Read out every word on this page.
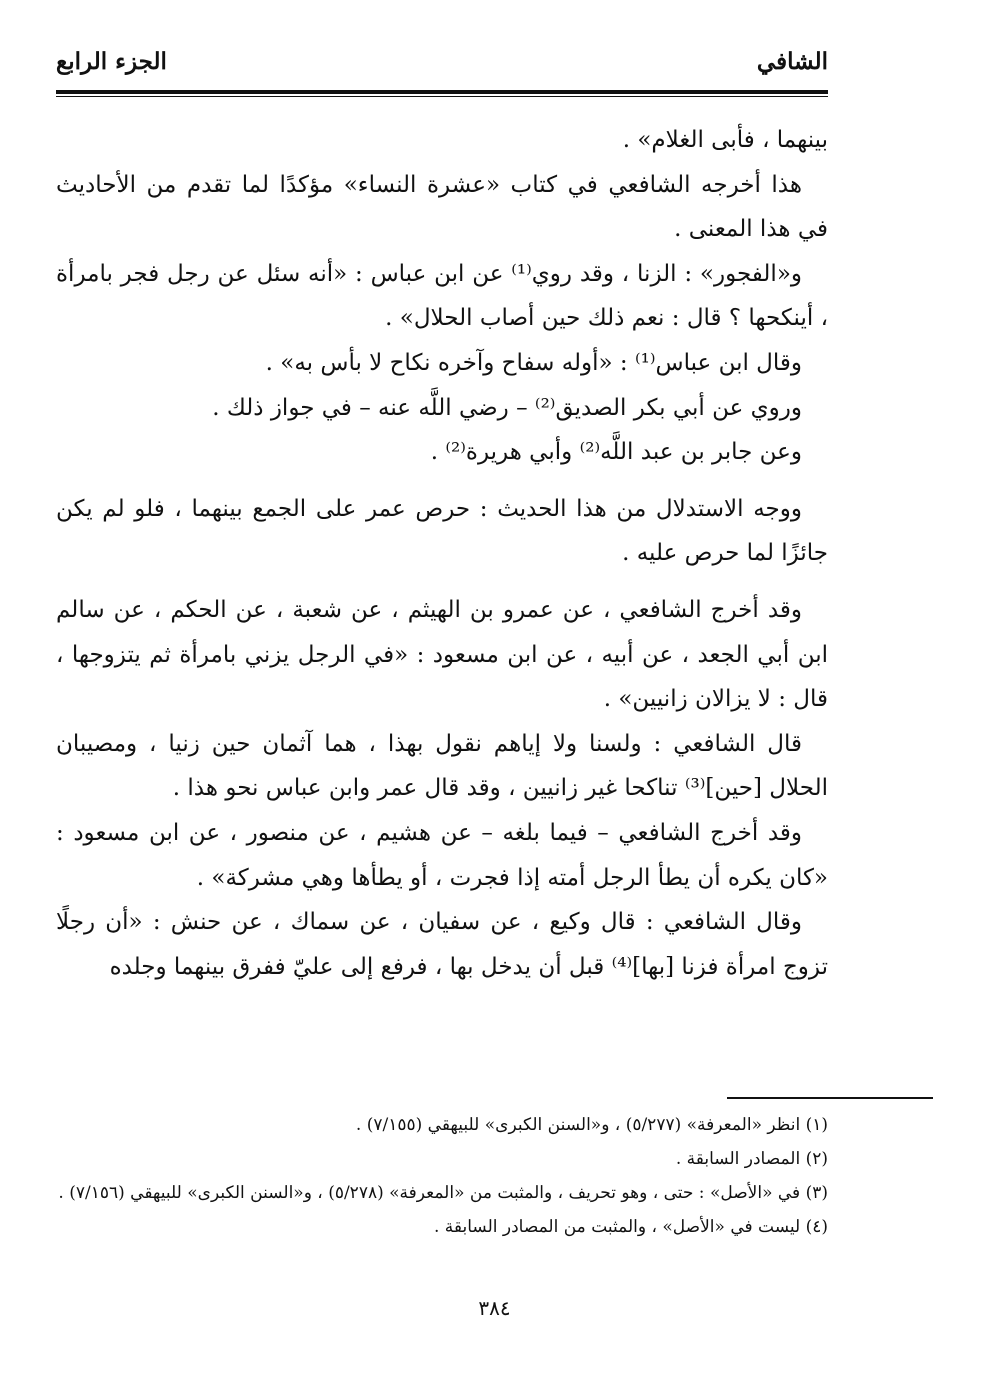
الشافي
الجزء الرابع

بينهما ، فأبى الغلام» .

هذا أخرجه الشافعي في كتاب «عشرة النساء» مؤكدًا لما تقدم من الأحاديث في هذا المعنى .

و«الفجور» : الزنا ، وقد روي⁽¹⁾ عن ابن عباس : «أنه سئل عن رجل فجر بامرأة ، أينكحها ؟ قال : نعم ذلك حين أصاب الحلال» .

وقال ابن عباس⁽¹⁾ : «أوله سفاح وآخره نكاح لا بأس به» .

وروي عن أبي بكر الصديق⁽²⁾ – رضي اللَّه عنه – في جواز ذلك .

وعن جابر بن عبد اللَّه⁽²⁾ وأبي هريرة⁽²⁾ .

ووجه الاستدلال من هذا الحديث : حرص عمر على الجمع بينهما ، فلو لم يكن جائزًا لما حرص عليه .

وقد أخرج الشافعي ، عن عمرو بن الهيثم ، عن شعبة ، عن الحكم ، عن سالم ابن أبي الجعد ، عن أبيه ، عن ابن مسعود : «في الرجل يزني بامرأة ثم يتزوجها ، قال : لا يزالان زانيين» .

قال الشافعي : ولسنا ولا إياهم نقول بهذا ، هما آثمان حين زنيا ، ومصيبان الحلال [حين]⁽³⁾ تناكحا غير زانيين ، وقد قال عمر وابن عباس نحو هذا .

وقد أخرج الشافعي – فيما بلغه – عن هشيم ، عن منصور ، عن ابن مسعود : «كان يكره أن يطأ الرجل أمته إذا فجرت ، أو يطأها وهي مشركة» .

وقال الشافعي : قال وكيع ، عن سفيان ، عن سماك ، عن حنش : «أن رجلًا تزوج امرأة فزنا [بها]⁽⁴⁾ قبل أن يدخل بها ، فرفع إلى عليّ ففرق بينهما وجلده

(١) انظر «المعرفة» (٥/٢٧٧) ، و«السنن الكبرى» للبيهقي (٧/١٥٥) .

(٢) المصادر السابقة .

(٣) في «الأصل» : حتى ، وهو تحريف ، والمثبت من «المعرفة» (٥/٢٧٨) ، و«السنن الكبرى» للبيهقي (٧/١٥٦) .

(٤) ليست في «الأصل» ، والمثبت من المصادر السابقة .

٣٨٤
